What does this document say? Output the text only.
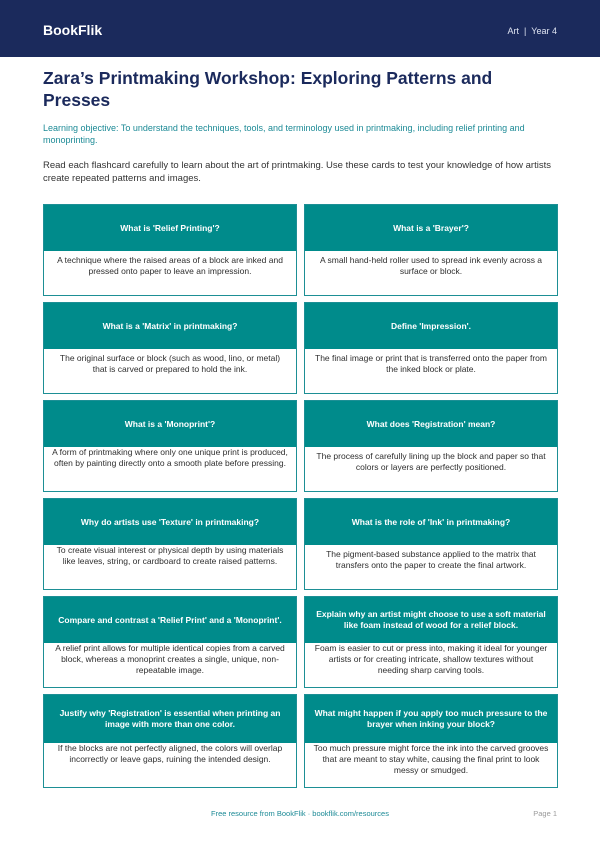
BookFlik	Art | Year 4
Zara’s Printmaking Workshop: Exploring Patterns and Presses

Learning objective: To understand the techniques, tools, and terminology used in printmaking, including relief printing and monoprinting.

Read each flashcard carefully to learn about the art of printmaking. Use these cards to test your knowledge of how artists create repeated patterns and images.

What is 'Relief Printing'?
A technique where the raised areas of a block are inked and pressed onto paper to leave an impression.
What is a 'Brayer'?
A small hand-held roller used to spread ink evenly across a surface or block.
What is a 'Matrix' in printmaking?
The original surface or block (such as wood, lino, or metal) that is carved or prepared to hold the ink.
Define 'Impression'.
The final image or print that is transferred onto the paper from the inked block or plate.
What is a 'Monoprint'?
A form of printmaking where only one unique print is produced, often by painting directly onto a smooth plate before pressing.
What does 'Registration' mean?
The process of carefully lining up the block and paper so that colors or layers are perfectly positioned.
Why do artists use 'Texture' in printmaking?
To create visual interest or physical depth by using materials like leaves, string, or cardboard to create raised patterns.
What is the role of 'Ink' in printmaking?
The pigment-based substance applied to the matrix that transfers onto the paper to create the final artwork.
Compare and contrast a 'Relief Print' and a 'Monoprint'.
A relief print allows for multiple identical copies from a carved block, whereas a monoprint creates a single, unique, non-repeatable image.
Explain why an artist might choose to use a soft material like foam instead of wood for a relief block.
Foam is easier to cut or press into, making it ideal for younger artists or for creating intricate, shallow textures without needing sharp carving tools.
Justify why 'Registration' is essential when printing an image with more than one color.
If the blocks are not perfectly aligned, the colors will overlap incorrectly or leave gaps, ruining the intended design.
What might happen if you apply too much pressure to the brayer when inking your block?
Too much pressure might force the ink into the carved grooves that are meant to stay white, causing the final print to look messy or smudged.
Free resource from BookFlik · bookflik.com/resources	Page 1
